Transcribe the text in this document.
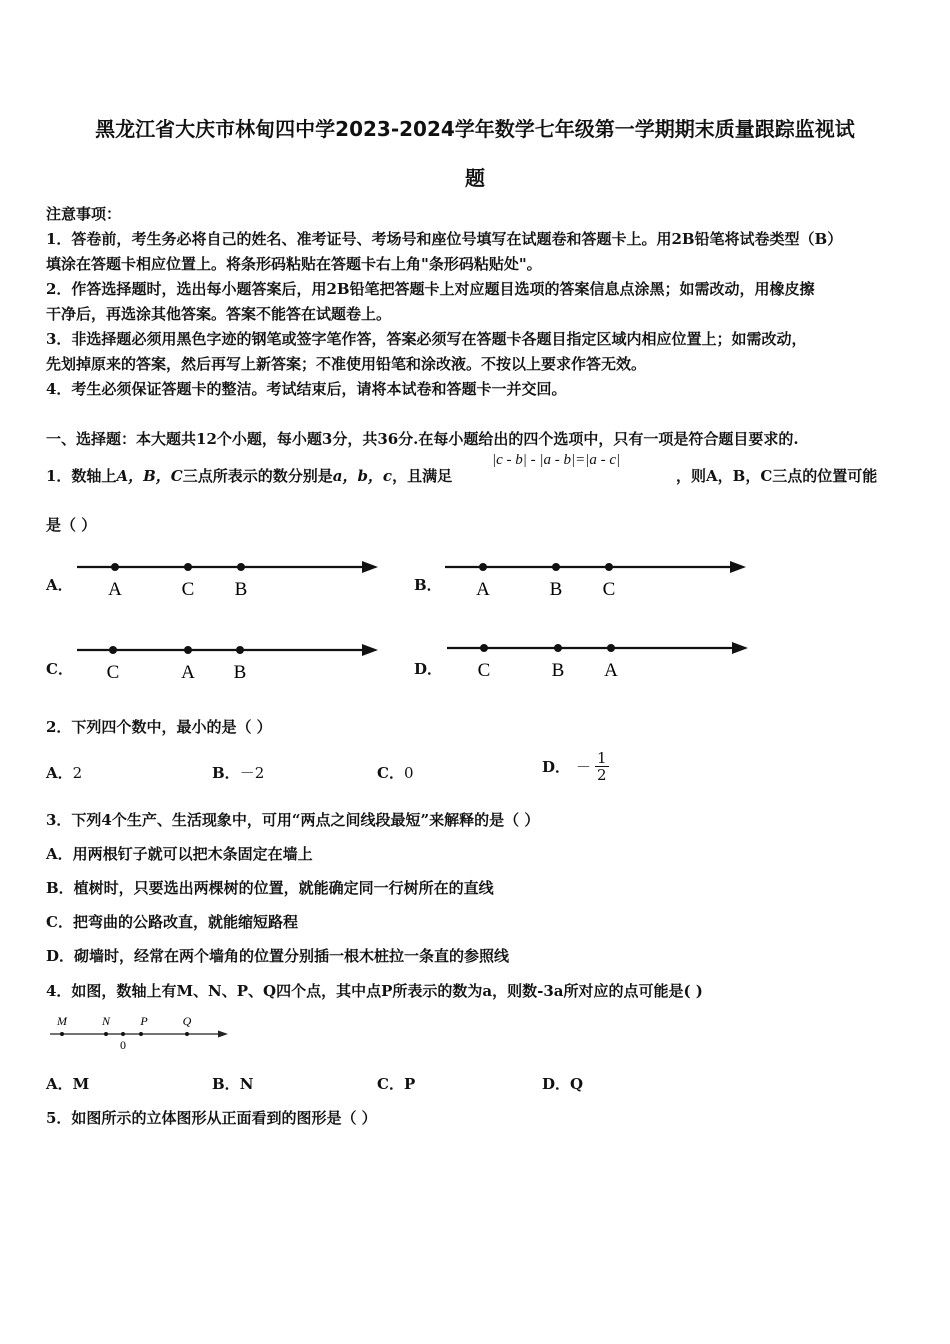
黑龙江省大庆市林甸四中学2023-2024学年数学七年级第一学期期末质量跟踪监视试
题
注意事项：
1．答卷前，考生务必将自己的姓名、准考证号、考场号和座位号填写在试题卷和答题卡上。用2B铅笔将试卷类型（B）
填涂在答题卡相应位置上。将条形码粘贴在答题卡右上角"条形码粘贴处"。
2．作答选择题时，选出每小题答案后，用2B铅笔把答题卡上对应题目选项的答案信息点涂黑；如需改动，用橡皮擦
干净后，再选涂其他答案。答案不能答在试题卷上。
3．非选择题必须用黑色字迹的钢笔或签字笔作答，答案必须写在答题卡各题目指定区域内相应位置上；如需改动，
先划掉原来的答案，然后再写上新答案；不准使用铅笔和涂改液。不按以上要求作答无效。
4．考生必须保证答题卡的整洁。考试结束后，请将本试卷和答题卡一并交回。
一、选择题：本大题共12个小题，每小题3分，共36分.在每小题给出的四个选项中，只有一项是符合题目要求的.
1．数轴上A，B，C三点所表示的数分别是a，b，c，且满足
|c - b| - |a - b|=|a - c|
，则A，B，C三点的位置可能
是（ ）
A． A	C B	B． A	B C
C． C	A B	D． C	B A
2．下列四个数中，最小的是（ ）
A．2	B．－2	C．0	D． － $\frac{1}{2}$
3．下列4个生产、生活现象中，可用“两点之间线段最短”来解释的是（ ）
A．用两根钉子就可以把木条固定在墙上
B．植树时，只要选出两棵树的位置，就能确定同一行树所在的直线
C．把弯曲的公路改直，就能缩短路程
D．砌墙时，经常在两个墙角的位置分别插一根木桩拉一条直的参照线
4．如图，数轴上有M、N、P、Q四个点，其中点P所表示的数为a，则数-3a所对应的点可能是( )
M	N	P	Q
0
A．M	B．N	C．P	D．Q
5．如图所示的立体图形从正面看到的图形是（ ）
